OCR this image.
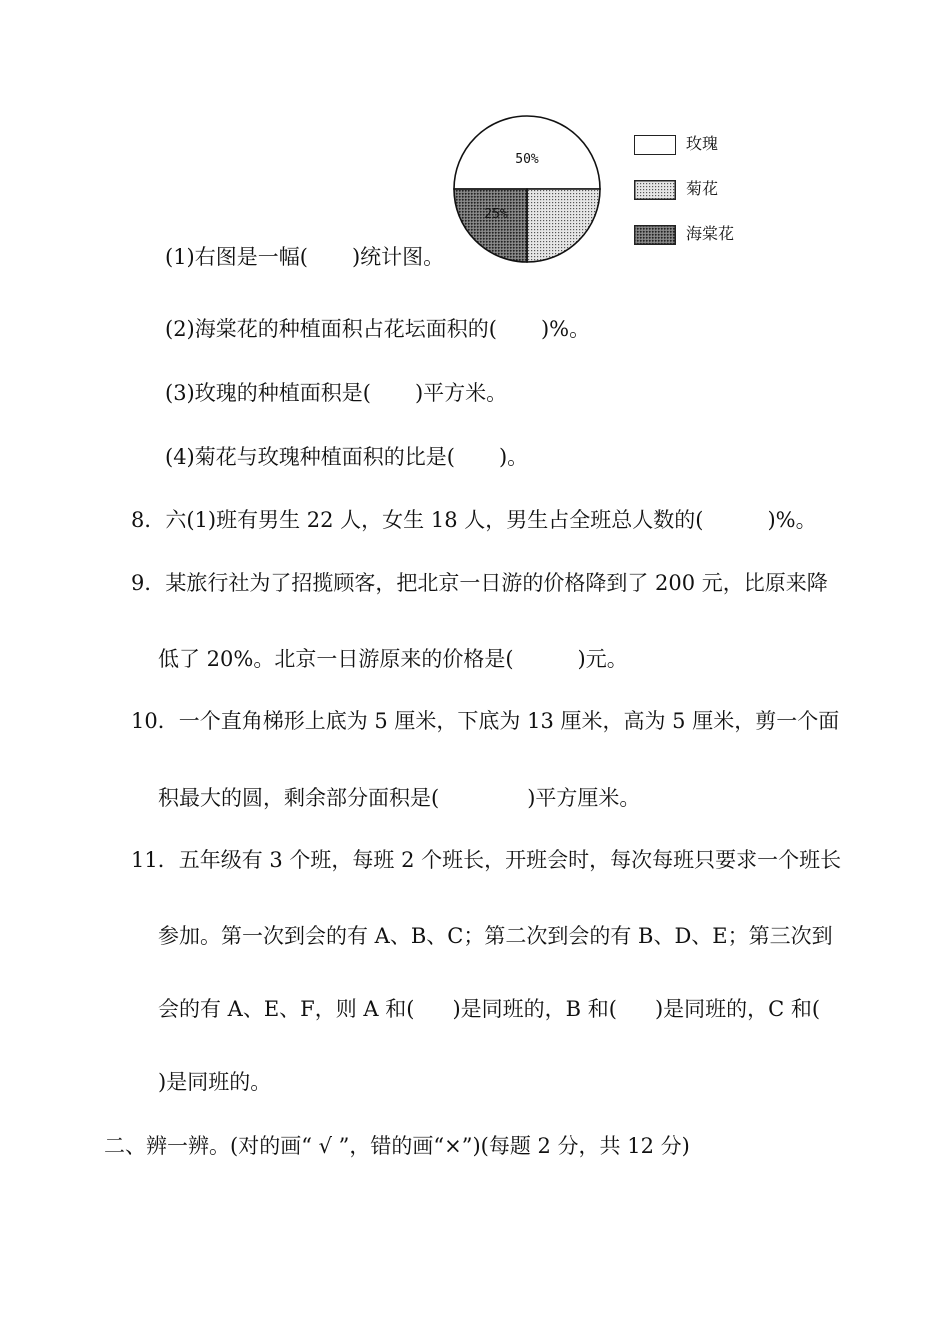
50%
25%
玫瑰
菊花
海棠花
(1)右图是一幅( )统计图。
(2)海棠花的种植面积占花坛面积的( )%。
(3)玫瑰的种植面积是( )平方米。
(4)菊花与玫瑰种植面积的比是( )。
8．六(1)班有男生 22 人，女生 18 人，男生占全班总人数的(	)%。
9．某旅行社为了招揽顾客，把北京一日游的价格降到了 200 元，比原来降
低了 20%。北京一日游原来的价格是(	)元。
10．一个直角梯形上底为 5 厘米，下底为 13 厘米，高为 5 厘米，剪一个面
积最大的圆，剩余部分面积是(	)平方厘米。
11．五年级有 3 个班，每班 2 个班长，开班会时，每次每班只要求一个班长
参加。第一次到会的有 A、B、C；第二次到会的有 B、D、E；第三次到
会的有 A、E、F，则 A 和( )是同班的，B 和( )是同班的，C 和(
)是同班的。
二、辨一辨。(对的画“ √ ”，错的画“×”)(每题 2 分，共 12 分)
